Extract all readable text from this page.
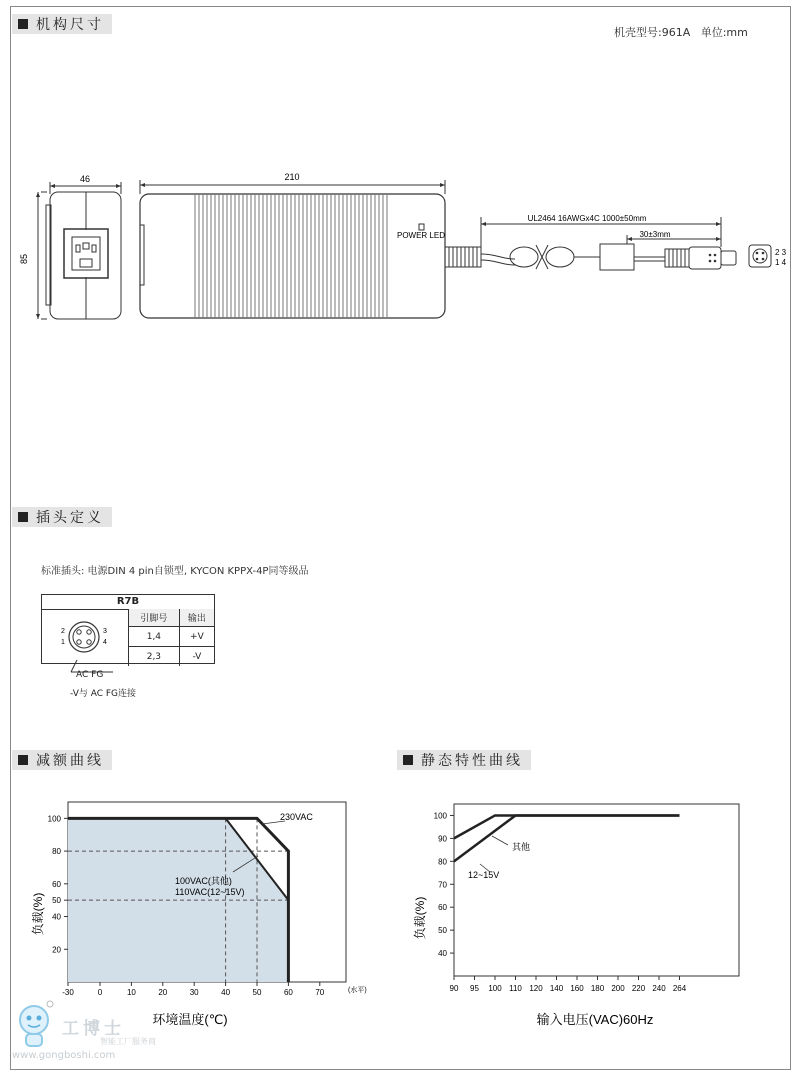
机构尺寸	机壳型号:961A   单位:mm
46
85
210
POWER LED
UL2464 16AWGx4C 1000±50mm
30±3mm
2 3
1 4
插头定义
标准插头: 电源DIN 4 pin自锁型, KYCON KPPX-4P同等级品
R7B
2
1
3
4
引脚号	输出
1,4	+V
2,3	-V
AC FG
-V与 AC FG连接
减额曲线	静态特性曲线
-30	0	10	20	30	40	50	60	70
20
40
50
60
80
100	230VAC
100VAC(其他)
110VAC(12~15V)
(水平)
环境温度(℃)
负载(%)
90 95 100 110 120 140 160 180 200 220 240 264
40
50
60
70
80
90
100
其他
12~15V
输入电压(VAC)60Hz
负载(%)
工博士
智能工厂服务商
www.gongboshi.com
